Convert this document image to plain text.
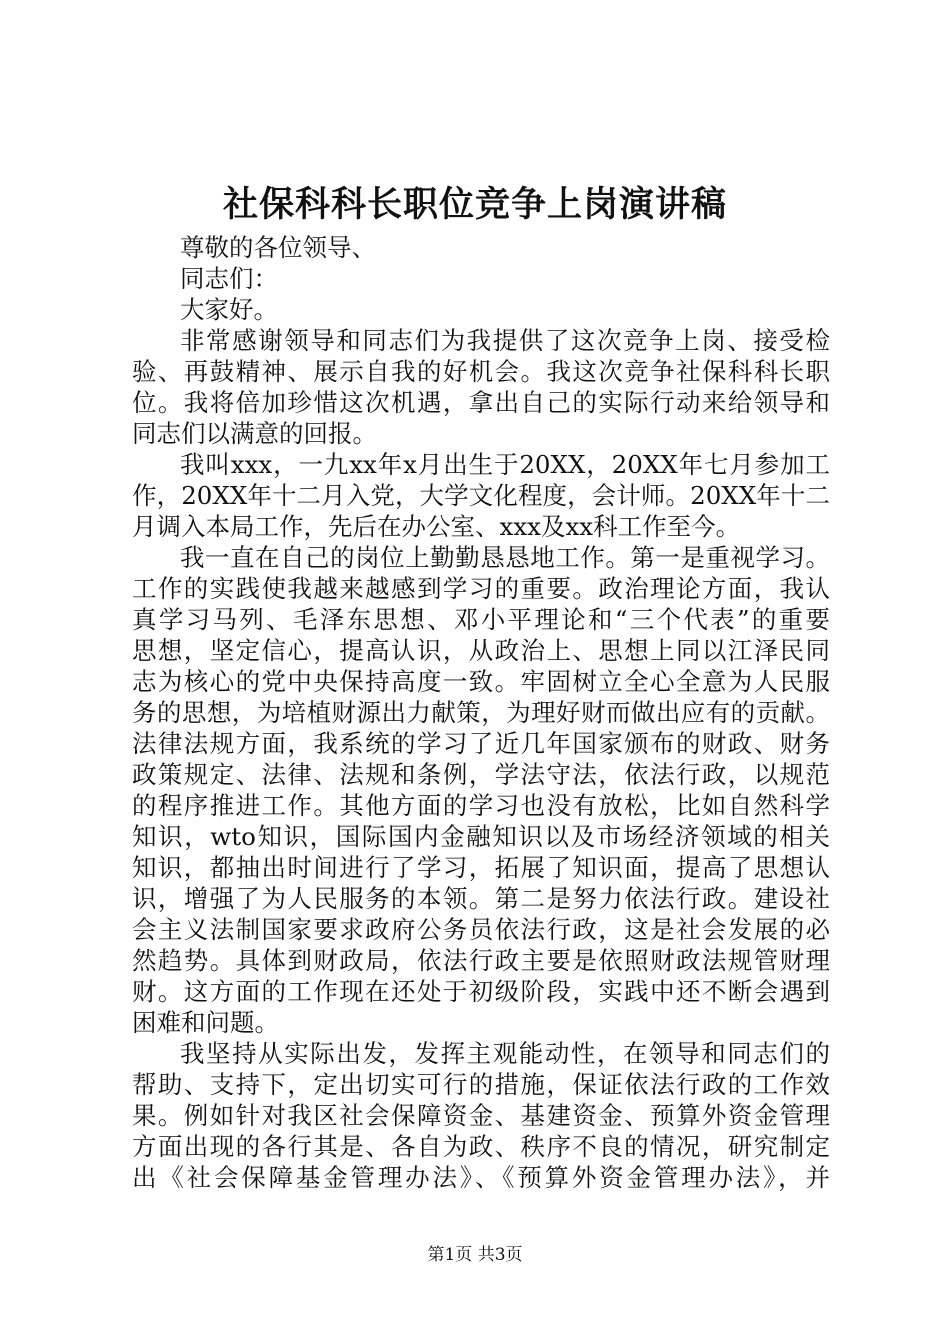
社保科科长职位竞争上岗演讲稿
尊敬的各位领导、
同志们：
大家好。
非常感谢领导和同志们为我提供了这次竞争上岗、接受检
验、再鼓精神、展示自我的好机会。我这次竞争社保科科长职
位。我将倍加珍惜这次机遇，拿出自己的实际行动来给领导和
同志们以满意的回报。
我叫xxx，一九xx年x月出生于20XX，20XX年七月参加工
作，20XX年十二月入党，大学文化程度，会计师。20XX年十二
月调入本局工作，先后在办公室、xxx及xx科工作至今。
我一直在自己的岗位上勤勤恳恳地工作。第一是重视学习。
工作的实践使我越来越感到学习的重要。政治理论方面，我认
真学习马列、毛泽东思想、邓小平理论和“三个代表”的重要
思想，坚定信心，提高认识，从政治上、思想上同以江泽民同
志为核心的党中央保持高度一致。牢固树立全心全意为人民服
务的思想，为培植财源出力献策，为理好财而做出应有的贡献。
法律法规方面，我系统的学习了近几年国家颁布的财政、财务
政策规定、法律、法规和条例，学法守法，依法行政，以规范
的程序推进工作。其他方面的学习也没有放松，比如自然科学
知识，wto知识，国际国内金融知识以及市场经济领域的相关
知识，都抽出时间进行了学习，拓展了知识面，提高了思想认
识，增强了为人民服务的本领。第二是努力依法行政。建设社
会主义法制国家要求政府公务员依法行政，这是社会发展的必
然趋势。具体到财政局，依法行政主要是依照财政法规管财理
财。这方面的工作现在还处于初级阶段，实践中还不断会遇到
困难和问题。
我坚持从实际出发，发挥主观能动性，在领导和同志们的
帮助、支持下，定出切实可行的措施，保证依法行政的工作效
果。例如针对我区社会保障资金、基建资金、预算外资金管理
方面出现的各行其是、各自为政、秩序不良的情况，研究制定
出《社会保障基金管理办法》、《预算外资金管理办法》，并
第1页 共3页
